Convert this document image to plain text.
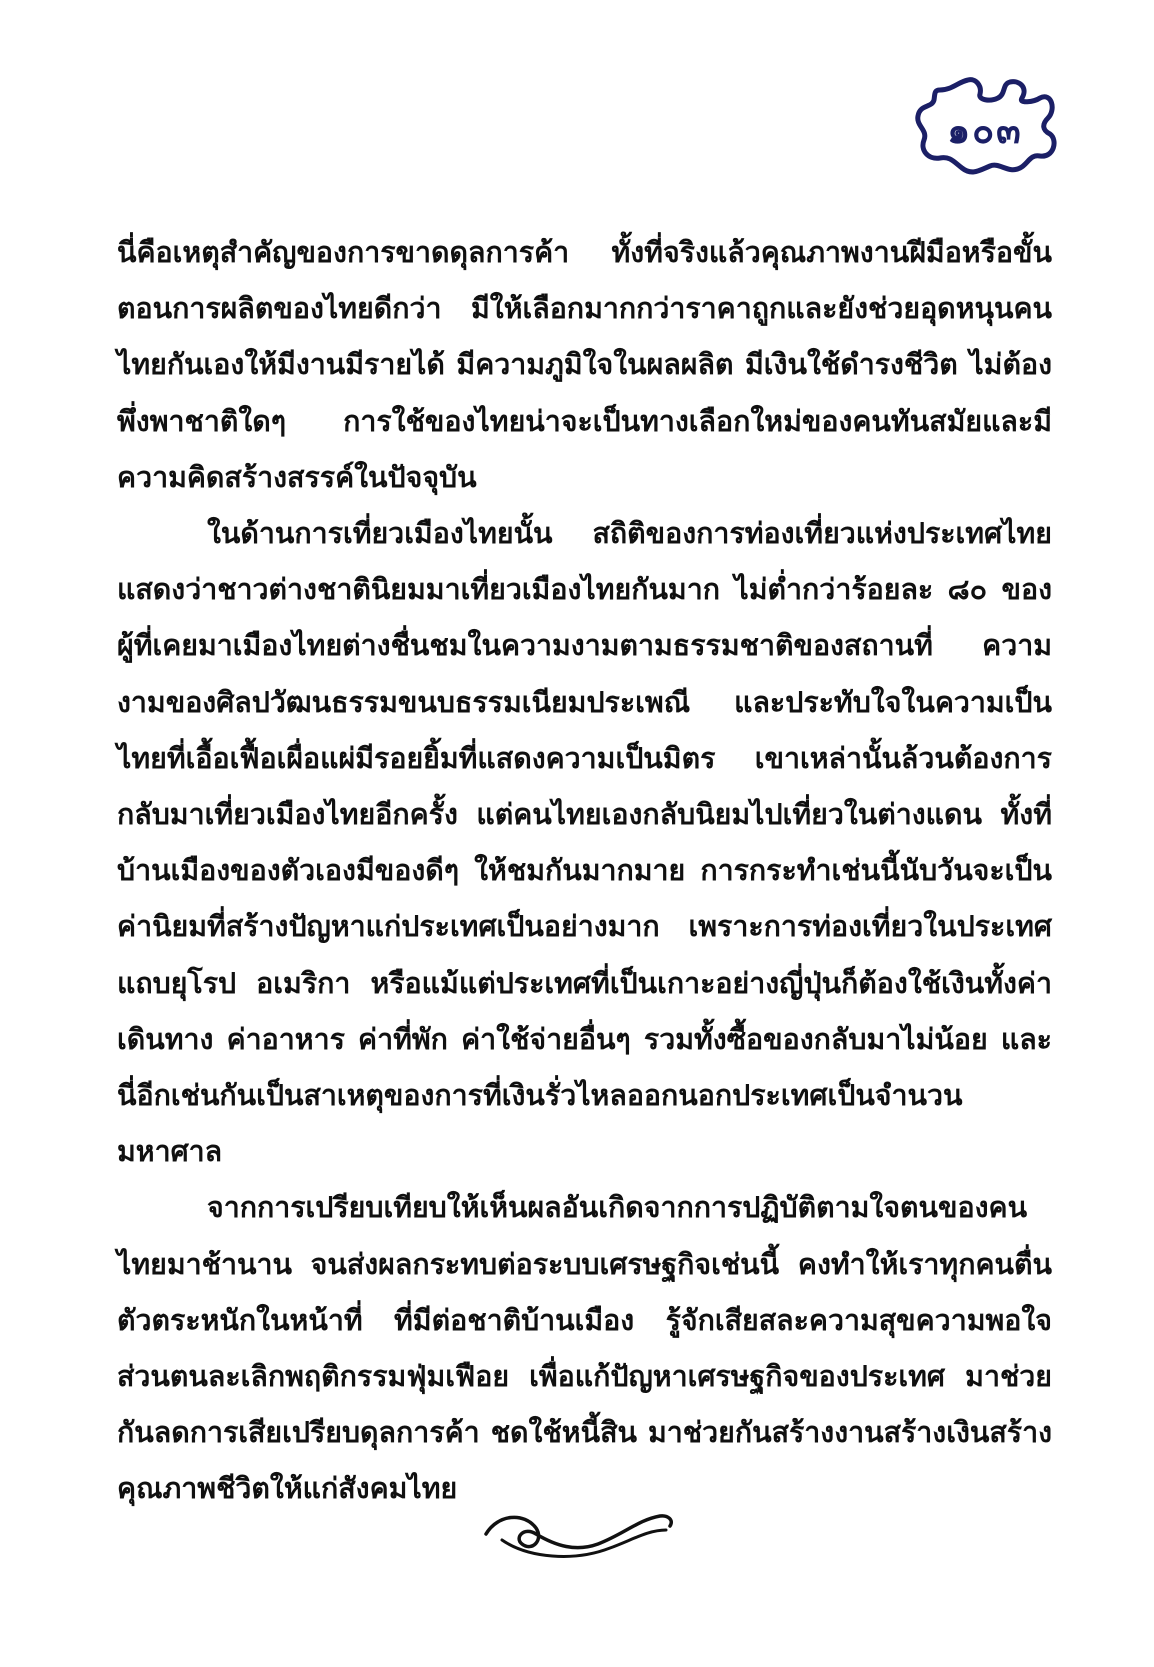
๑๐๓

นี่คือเหตุสำคัญของการขาดดุลการค้า ทั้งที่จริงแล้วคุณภาพงานฝีมือหรือขั้นตอนการผลิตของไทยดีกว่า มีให้เลือกมากกว่าราคาถูกและยังช่วยอุดหนุนคนไทยกันเองให้มีงานมีรายได้ มีความภูมิใจในผลผลิต มีเงินใช้ดำรงชีวิต ไม่ต้องพึ่งพาชาติใดๆ การใช้ของไทยน่าจะเป็นทางเลือกใหม่ของคนทันสมัยและมีความคิดสร้างสรรค์ในปัจจุบัน

ในด้านการเที่ยวเมืองไทยนั้น สถิติของการท่องเที่ยวแห่งประเทศไทยแสดงว่าชาวต่างชาตินิยมมาเที่ยวเมืองไทยกันมาก ไม่ต่ำกว่าร้อยละ ๘๐ ของผู้ที่เคยมาเมืองไทยต่างชื่นชมในความงามตามธรรมชาติของสถานที่ ความงามของศิลปวัฒนธรรมขนบธรรมเนียมประเพณี และประทับใจในความเป็นไทยที่เอื้อเฟื้อเผื่อแผ่มีรอยยิ้มที่แสดงความเป็นมิตร เขาเหล่านั้นล้วนต้องการกลับมาเที่ยวเมืองไทยอีกครั้ง แต่คนไทยเองกลับนิยมไปเที่ยวในต่างแดน ทั้งที่บ้านเมืองของตัวเองมีของดีๆ ให้ชมกันมากมาย การกระทำเช่นนี้นับวันจะเป็นค่านิยมที่สร้างปัญหาแก่ประเทศเป็นอย่างมาก เพราะการท่องเที่ยวในประเทศแถบยุโรป อเมริกา หรือแม้แต่ประเทศที่เป็นเกาะอย่างญี่ปุ่นก็ต้องใช้เงินทั้งค่าเดินทาง ค่าอาหาร ค่าที่พัก ค่าใช้จ่ายอื่นๆ รวมทั้งซื้อของกลับมาไม่น้อย และนี่อีกเช่นกันเป็นสาเหตุของการที่เงินรั่วไหลออกนอกประเทศเป็นจำนวนมหาศาล

จากการเปรียบเทียบให้เห็นผลอันเกิดจากการปฏิบัติตามใจตนของคนไทยมาช้านาน จนส่งผลกระทบต่อระบบเศรษฐกิจเช่นนี้ คงทำให้เราทุกคนตื่นตัวตระหนักในหน้าที่ ที่มีต่อชาติบ้านเมือง รู้จักเสียสละความสุขความพอใจส่วนตนละเลิกพฤติกรรมฟุ่มเฟือย เพื่อแก้ปัญหาเศรษฐกิจของประเทศ มาช่วยกันลดการเสียเปรียบดุลการค้า ชดใช้หนี้สิน มาช่วยกันสร้างงานสร้างเงินสร้างคุณภาพชีวิตให้แก่สังคมไทย
